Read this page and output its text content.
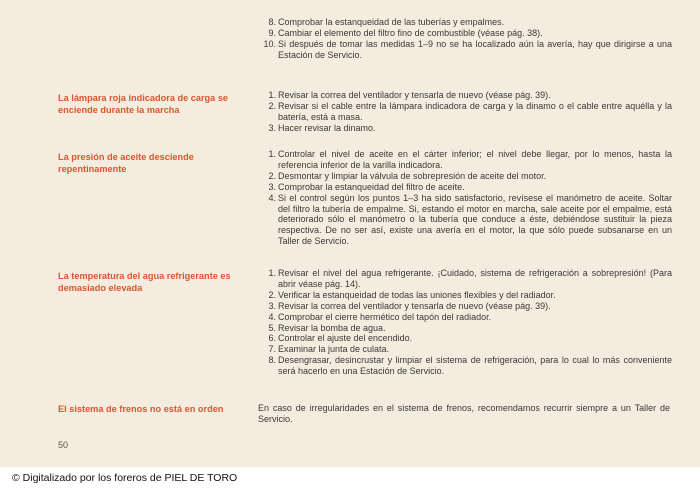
8. Comprobar la estanqueidad de las tuberías y empalmes.
9. Cambiar el elemento del filtro fino de combustible (véase pág. 38).
10. Si después de tomar las medidas 1–9 no se ha localizado aún la avería, hay que dirigirse a una Estación de Servicio.
La lámpara roja indicadora de carga se enciende durante la marcha
1. Revisar la correa del ventilador y tensarla de nuevo (véase pág. 39).
2. Revisar si el cable entre la lámpara indicadora de carga y la dinamo o el cable entre aquélla y la batería, está a masa.
3. Hacer revisar la dinamo.
La presión de aceite desciende repentinamente
1. Controlar el nivel de aceite en el cárter inferior; el nivel debe llegar, por lo menos, hasta la referencia inferior de la varilla indicadora.
2. Desmontar y limpiar la válvula de sobrepresión de aceite del motor.
3. Comprobar la estanqueidad del filtro de aceite.
4. Si el control según los puntos 1–3 ha sido satisfactorio, revísese el manómetro de aceite. Soltar del filtro la tubería de empalme. Si, estando el motor en marcha, sale aceite por el empalme, está deteriorado sólo el manómetro o la tubería que conduce a éste, debiéndose sustituir la pieza respectiva. De no ser así, existe una avería en el motor, la que sólo puede subsanarse en un Taller de Servicio.
La temperatura del agua refrigerante es demasiado elevada
1. Revisar el nivel del agua refrigerante. ¡Cuidado, sistema de refrigeración a sobrepresión! (Para abrir véase pág. 14).
2. Verificar la estanqueidad de todas las uniones flexibles y del radiador.
3. Revisar la correa del ventilador y tensarla de nuevo (véase pág. 39).
4. Comprobar el cierre hermético del tapón del radiador.
5. Revisar la bomba de agua.
6. Controlar el ajuste del encendido.
7. Examinar la junta de culata.
8. Desengrasar, desincrustar y limpiar el sistema de refrigeración, para lo cual lo más conveniente será hacerlo en una Estación de Servicio.
El sistema de frenos no está en orden	En caso de irregularidades en el sistema de frenos, recomendamos recurrir siempre a un Taller de Servicio.
50
© Digitalizado por los foreros de PIEL DE TORO
